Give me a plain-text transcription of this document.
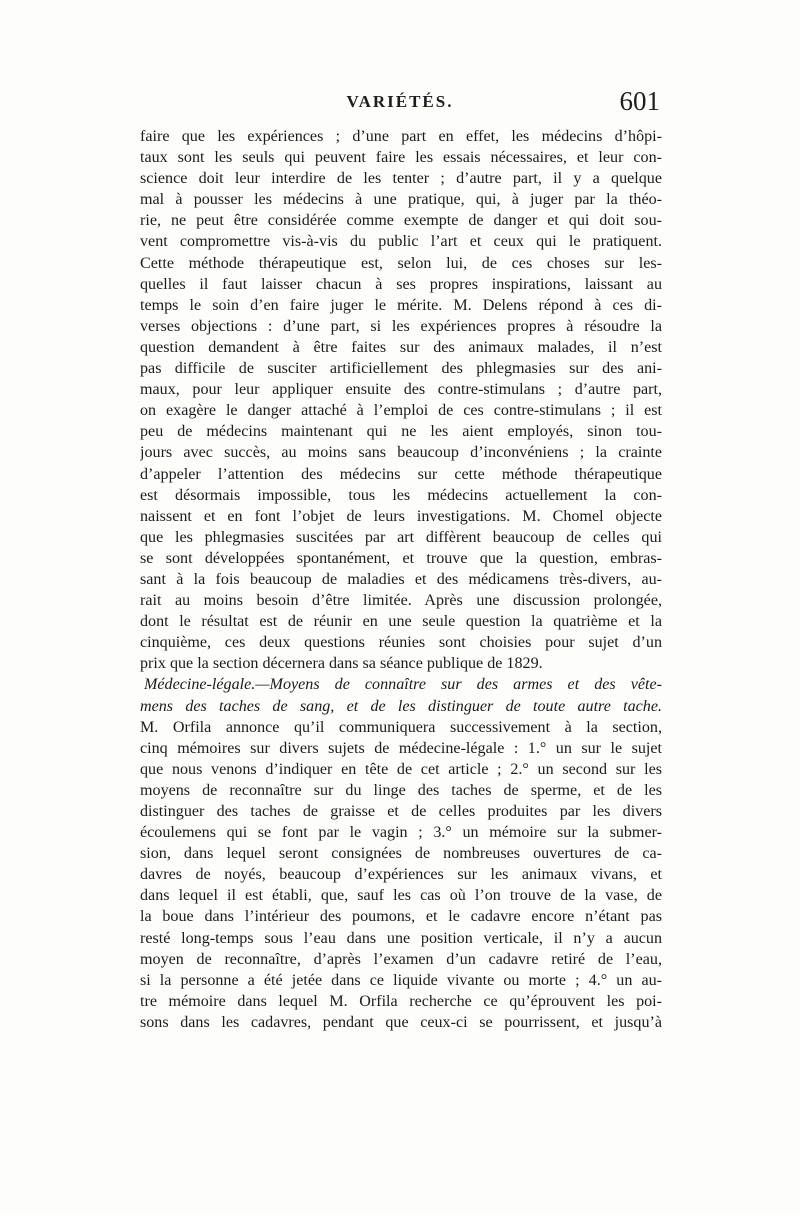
VARIÉTÉS.	601
faire que les expériences ; d’une part en effet, les médecins d’hôpi-
taux sont les seuls qui peuvent faire les essais nécessaires, et leur con-
science doit leur interdire de les tenter ; d’autre part, il y a quelque
mal à pousser les médecins à une pratique, qui, à juger par la théo-
rie, ne peut être considérée comme exempte de danger et qui doit sou-
vent compromettre vis-à-vis du public l’art et ceux qui le pratiquent.
Cette méthode thérapeutique est, selon lui, de ces choses sur les-
quelles il faut laisser chacun à ses propres inspirations, laissant au
temps le soin d’en faire juger le mérite. M. Delens répond à ces di-
verses objections : d’une part, si les expériences propres à résoudre la
question demandent à être faites sur des animaux malades, il n’est
pas difficile de susciter artificiellement des phlegmasies sur des ani-
maux, pour leur appliquer ensuite des contre-stimulans ; d’autre part,
on exagère le danger attaché à l’emploi de ces contre-stimulans ; il est
peu de médecins maintenant qui ne les aient employés, sinon tou-
jours avec succès, au moins sans beaucoup d’inconvéniens ; la crainte
d’appeler l’attention des médecins sur cette méthode thérapeutique
est désormais impossible, tous les médecins actuellement la con-
naissent et en font l’objet de leurs investigations. M. Chomel objecte
que les phlegmasies suscitées par art diffèrent beaucoup de celles qui
se sont développées spontanément, et trouve que la question, embras-
sant à la fois beaucoup de maladies et des médicamens très-divers, au-
rait au moins besoin d’être limitée. Après une discussion prolongée,
dont le résultat est de réunir en une seule question la quatrième et la
cinquième, ces deux questions réunies sont choisies pour sujet d’un
prix que la section décernera dans sa séance publique de 1829.
Médecine-légale.—Moyens de connaître sur des armes et des vête-
mens des taches de sang, et de les distinguer de toute autre tache.
M. Orfila annonce qu’il communiquera successivement à la section,
cinq mémoires sur divers sujets de médecine-légale : 1.° un sur le sujet
que nous venons d’indiquer en tête de cet article ; 2.° un second sur les
moyens de reconnaître sur du linge des taches de sperme, et de les
distinguer des taches de graisse et de celles produites par les divers
écoulemens qui se font par le vagin ; 3.° un mémoire sur la submer-
sion, dans lequel seront consignées de nombreuses ouvertures de ca-
davres de noyés, beaucoup d’expériences sur les animaux vivans, et
dans lequel il est établi, que, sauf les cas où l’on trouve de la vase, de
la boue dans l’intérieur des poumons, et le cadavre encore n’étant pas
resté long-temps sous l’eau dans une position verticale, il n’y a aucun
moyen de reconnaître, d’après l’examen d’un cadavre retiré de l’eau,
si la personne a été jetée dans ce liquide vivante ou morte ; 4.° un au-
tre mémoire dans lequel M. Orfila recherche ce qu’éprouvent les poi-
sons dans les cadavres, pendant que ceux-ci se pourrissent, et jusqu’à
